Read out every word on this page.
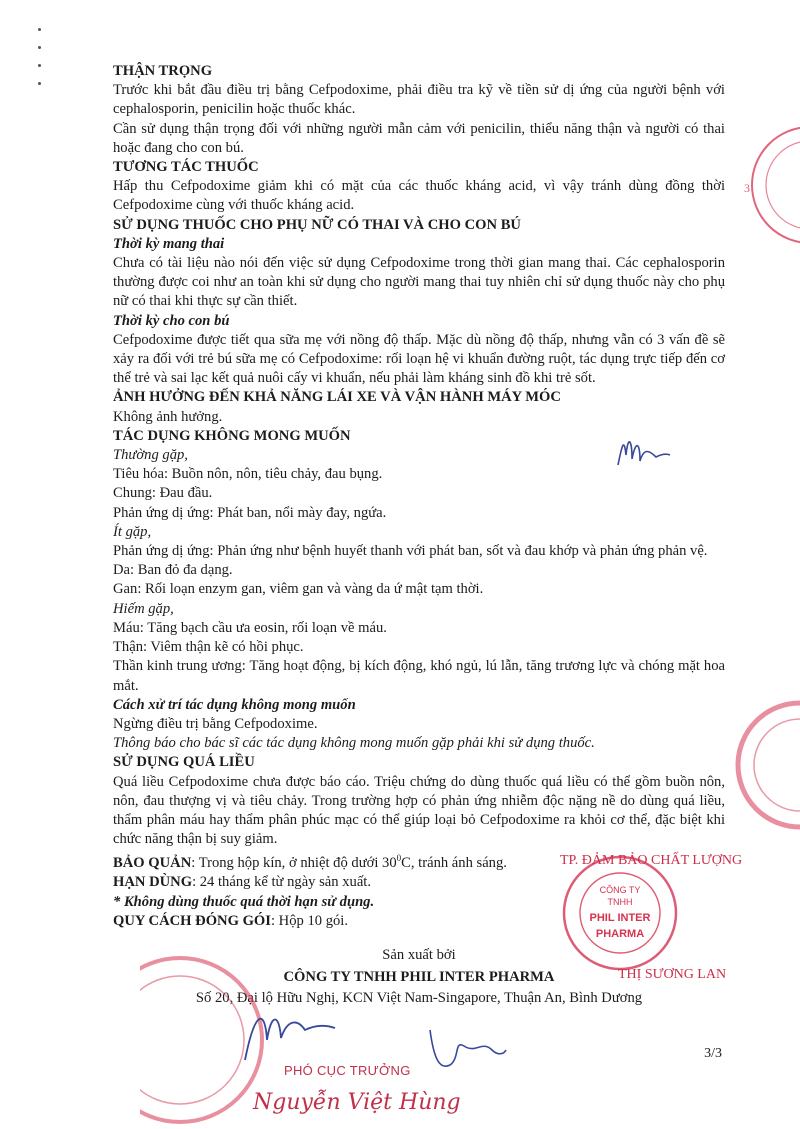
THẬN TRỌNG

Trước khi bắt đầu điều trị bằng Cefpodoxime, phải điều tra kỹ về tiền sử dị ứng của người bệnh với cephalosporin, penicilin hoặc thuốc khác.

Cần sử dụng thận trọng đối với những người mẫn cảm với penicilin, thiểu năng thận và người có thai hoặc đang cho con bú.

TƯƠNG TÁC THUỐC

Hấp thu Cefpodoxime giảm khi có mặt của các thuốc kháng acid, vì vậy tránh dùng đồng thời Cefpodoxime cùng với thuốc kháng acid.

SỬ DỤNG THUỐC CHO PHỤ NỮ CÓ THAI VÀ CHO CON BÚ

Thời kỳ mang thai

Chưa có tài liệu nào nói đến việc sử dụng Cefpodoxime trong thời gian mang thai. Các cephalosporin thường được coi như an toàn khi sử dụng cho người mang thai tuy nhiên chỉ sử dụng thuốc này cho phụ nữ có thai khi thực sự cần thiết.

Thời kỳ cho con bú

Cefpodoxime được tiết qua sữa mẹ với nồng độ thấp. Mặc dù nồng độ thấp, nhưng vẫn có 3 vấn đề sẽ xảy ra đối với trẻ bú sữa mẹ có Cefpodoxime: rối loạn hệ vi khuẩn đường ruột, tác dụng trực tiếp đến cơ thể trẻ và sai lạc kết quả nuôi cấy vi khuẩn, nếu phải làm kháng sinh đồ khi trẻ sốt.

ẢNH HƯỞNG ĐẾN KHẢ NĂNG LÁI XE VÀ VẬN HÀNH MÁY MÓC

Không ảnh hưởng.

TÁC DỤNG KHÔNG MONG MUỐN

Thường gặp,

Tiêu hóa: Buồn nôn, nôn, tiêu chảy, đau bụng.

Chung: Đau đầu.

Phản ứng dị ứng: Phát ban, nổi mày đay, ngứa.

Ít gặp,

Phản ứng dị ứng: Phản ứng như bệnh huyết thanh với phát ban, sốt và đau khớp và phản ứng phản vệ.

Da: Ban đỏ đa dạng.

Gan: Rối loạn enzym gan, viêm gan và vàng da ứ mật tạm thời.

Hiếm gặp,

Máu: Tăng bạch cầu ưa eosin, rối loạn về máu.

Thận: Viêm thận kẽ có hồi phục.

Thần kinh trung ương: Tăng hoạt động, bị kích động, khó ngủ, lú lẫn, tăng trương lực và chóng mặt hoa mắt.

Cách xử trí tác dụng không mong muốn

Ngừng điều trị bằng Cefpodoxime.

Thông báo cho bác sĩ các tác dụng không mong muốn gặp phải khi sử dụng thuốc.

SỬ DỤNG QUÁ LIỀU

Quá liều Cefpodoxime chưa được báo cáo. Triệu chứng do dùng thuốc quá liều có thể gồm buồn nôn, nôn, đau thượng vị và tiêu chảy. Trong trường hợp có phản ứng nhiễm độc nặng nề do dùng quá liều, thẩm phân máu hay thẩm phân phúc mạc có thể giúp loại bỏ Cefpodoxime ra khỏi cơ thể, đặc biệt khi chức năng thận bị suy giảm.

BẢO QUẢN: Trong hộp kín, ở nhiệt độ dưới $30^0C$, tránh ánh sáng.

HẠN DÙNG: 24 tháng kể từ ngày sản xuất.

* Không dùng thuốc quá thời hạn sử dụng.

QUY CÁCH ĐÓNG GÓI: Hộp 10 gói.

Sản xuất bởi
CÔNG TY TNHH PHIL INTER PHARMA
Số 20, Đại lộ Hữu Nghị, KCN Việt Nam-Singapore, Thuận An, Bình Dương
3/3
3
CÔNG TY
TNHH
PHIL INTER
PHARMA
TP. ĐẢM BẢO CHẤT LƯỢNG
THỊ SƯƠNG LAN
PHÓ CỤC TRƯỞNG
Nguyễn Việt Hùng
